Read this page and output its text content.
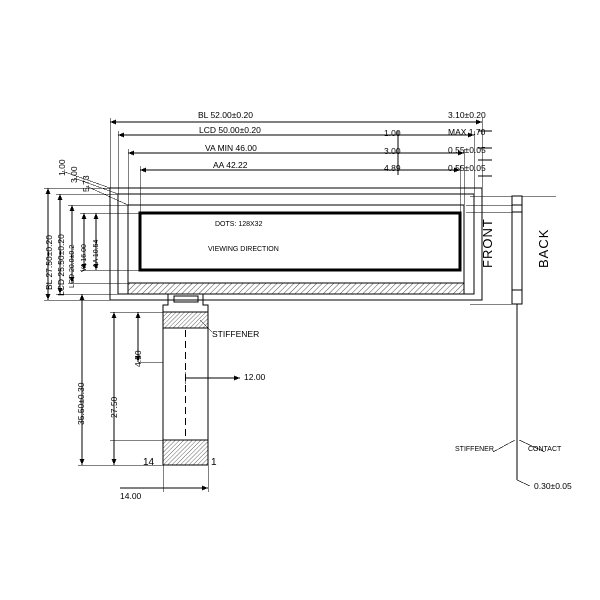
BL 52.00±0.20
LCD 50.00±0.20
VA MIN 46.00
AA 42.22
1.00
3.00
4.89
1.00 3.00
5.73
BL 27.50±0.20 LCD 25.50±0.20 LCD 20.0±0.2 VA 16.00 AA 10.54
DOTS: 128X32
VIEWING DIRECTION
35.50±0.30	27.50
4.50
12.00
14.00
14	1
STIFFENER
STIFFENER	CONTACT
FRONT	BACK
3.10±0.20
MAX 1.70
0.55±0.05
0.55±0.05
0.30±0.05
